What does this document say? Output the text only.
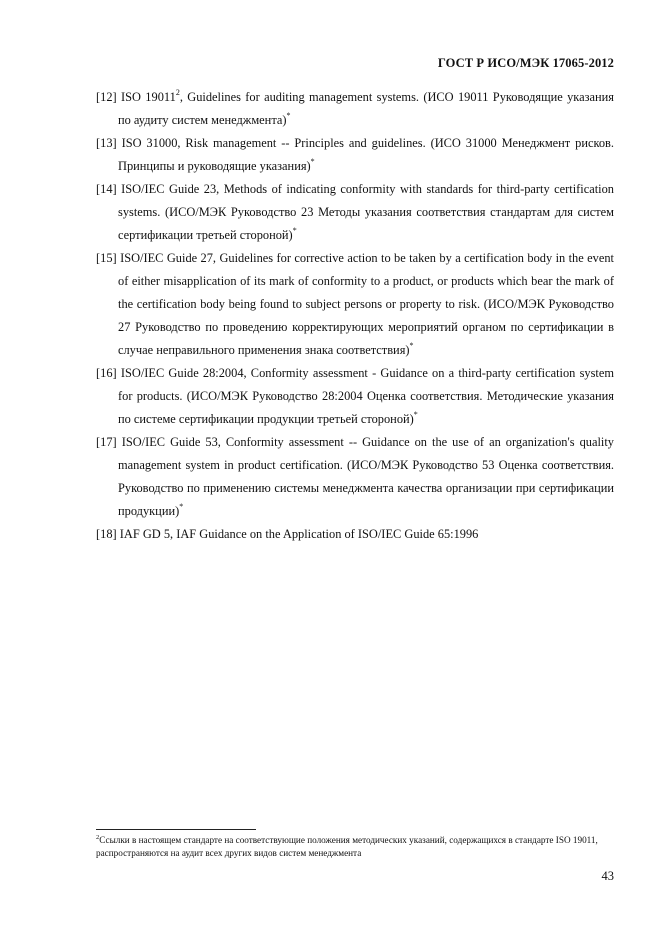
ГОСТ Р ИСО/МЭК 17065-2012

[12] ISO 19011$^2$, Guidelines for auditing management systems. (ИСО 19011 Руководящие указания по аудиту систем менеджмента)*

[13] ISO 31000, Risk management -- Principles and guidelines. (ИСО 31000 Менеджмент рисков. Принципы и руководящие указания)*

[14] ISO/IEC Guide 23, Methods of indicating conformity with standards for third-party certification systems. (ИСО/МЭК Руководство 23 Методы указания соответствия стандартам для систем сертификации третьей стороной)*

[15] ISO/IEC Guide 27, Guidelines for corrective action to be taken by a certification body in the event of either misapplication of its mark of conformity to a product, or products which bear the mark of the certification body being found to subject persons or property to risk. (ИСО/МЭК Руководство 27 Руководство по проведению корректирующих мероприятий органом по сертификации в случае неправильного применения знака соответствия)*

[16] ISO/IEC Guide 28:2004, Conformity assessment - Guidance on a third-party certification system for products. (ИСО/МЭК Руководство 28:2004 Оценка соответствия. Методические указания по системе сертификации продукции третьей стороной)*

[17] ISO/IEC Guide 53, Conformity assessment -- Guidance on the use of an organization's quality management system in product certification. (ИСО/МЭК Руководство 53 Оценка соответствия. Руководство по применению системы менеджмента качества организации при сертификации продукции)*

[18] IAF GD 5, IAF Guidance on the Application of ISO/IEC Guide 65:1996

$^2$Ссылки в настоящем стандарте на соответствующие положения методических указаний, содержащихся в стандарте ISO 19011, распространяются на аудит всех других видов систем менеджмента
43
